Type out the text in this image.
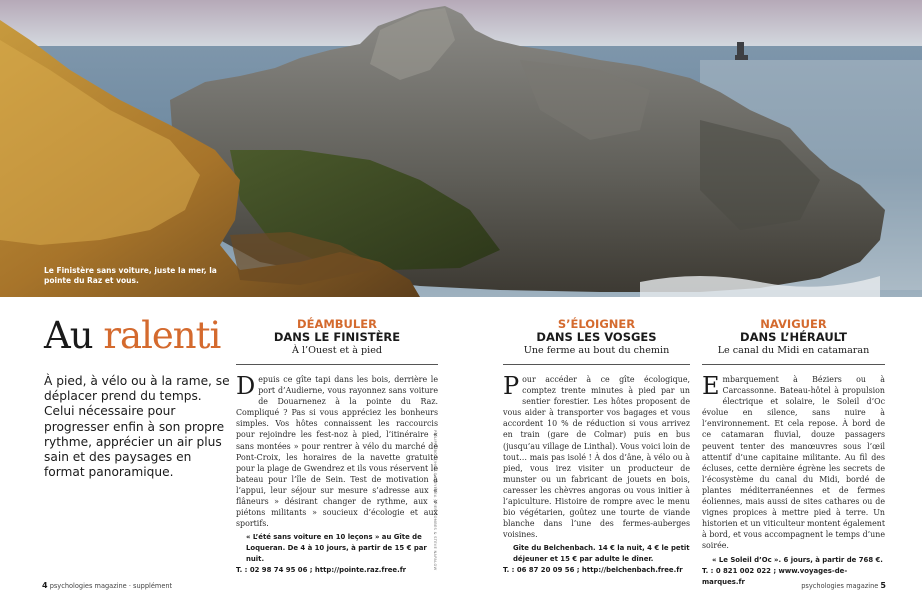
Le Finistère sans voiture, juste la mer, la pointe du Raz et vous.
PHILIPPE BODY/HOA-QUI/EYEDEA ; PIER DOMBES & STEVE NAPALOW
Au ralenti
À pied, à vélo ou à la rame, se déplacer prend du temps. Celui nécessaire pour progresser enfin à son propre rythme, apprécier un air plus sain et des paysages en format panoramique.
DÉAMBULER
DANS LE FINISTÈRE
À l’Ouest et à pied
Depuis ce gîte tapi dans les bois, derrière le port d’Audierne, vous rayonnez sans voiture de Douarnenez à la pointe du Raz. Compliqué ? Pas si vous appréciez les bonheurs simples. Vos hôtes connaissent les raccourcis pour rejoindre les fest-noz à pied, l’itinéraire « sans montées » pour rentrer à vélo du marché de Pont-Croix, les horaires de la navette gratuite pour la plage de Gwendrez et ils vous réservent le bateau pour l’île de Sein. Test de motivation à l’appui, leur séjour sur mesure s’adresse aux « flâneurs » désirant changer de rythme, aux « piétons militants » soucieux d’écologie et aux sportifs.
« L’été sans voiture en 10 leçons » au Gîte de Loqueran. De 4 à 10 jours, à partir de 15 € par nuit.
T. : 02 98 74 95 06 ; http://pointe.raz.free.fr
S’ÉLOIGNER
DANS LES VOSGES
Une ferme au bout du chemin
Pour accéder à ce gîte écologique, comptez trente minutes à pied par un sentier forestier. Les hôtes proposent de vous aider à transporter vos bagages et vous accordent 10 % de réduction si vous arrivez en train (gare de Colmar) puis en bus (jusqu’au village de Linthal). Vous voici loin de tout… mais pas isolé ! À dos d’âne, à vélo ou à pied, vous irez visiter un producteur de munster ou un fabricant de jouets en bois, caresser les chèvres angoras ou vous initier à l’apiculture. Histoire de rompre avec le menu bio végétarien, goûtez une tourte de viande blanche dans l’une des fermes-auberges voisines.
Gîte du Belchenbach. 14 € la nuit, 4 € le petit déjeuner et 15 € par adulte le dîner.
T. : 06 87 20 09 56 ; http://belchenbach.free.fr
NAVIGUER
DANS L’HÉRAULT
Le canal du Midi en catamaran
Embarquement à Béziers ou à Carcassonne. Bateau-hôtel à propulsion électrique et solaire, le Soleil d’Oc évolue en silence, sans nuire à l’environnement. Et cela repose. À bord de ce catamaran fluvial, douze passagers peuvent tenter des manœuvres sous l’œil attentif d’une capitaine militante. Au fil des écluses, cette dernière égrène les secrets de l’écosystème du canal du Midi, bordé de plantes méditerranéennes et de fermes éoliennes, mais aussi de sites cathares ou de vignes propices à mettre pied à terre. Un historien et un viticulteur montent également à bord, et vous accompagnent le temps d’une soirée.
« Le Soleil d’Oc ». 6 jours, à partir de 768 €.
T. : 0 821 002 022 ; www.voyages-de-marques.fr
4 psychologies magazine · supplément	psychologies magazine 5
